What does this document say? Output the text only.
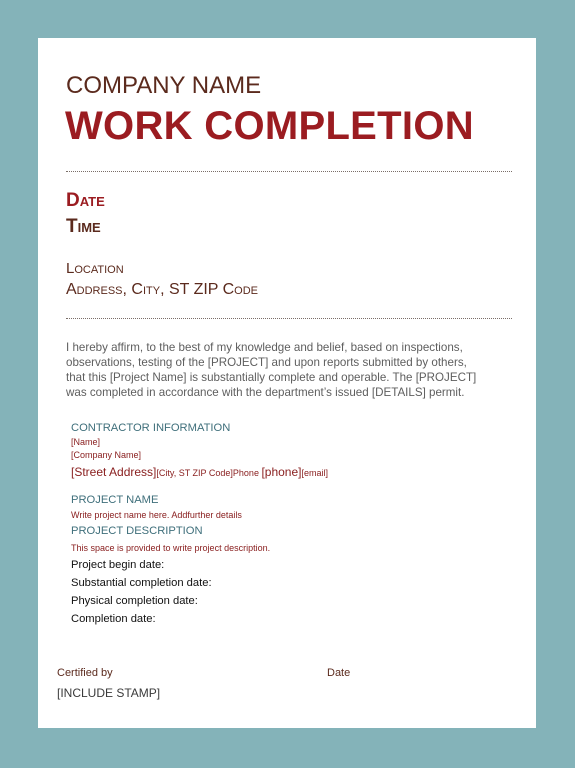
COMPANY NAME
WORK COMPLETION
Date
Time
Location
Address, City, ST ZIP Code
I hereby affirm, to the best of my knowledge and belief, based on inspections,
observations, testing of the [PROJECT] and upon reports submitted by others,
that this [Project Name] is substantially complete and operable. The [PROJECT]
was completed in accordance with the department’s issued [DETAILS] permit.
CONTRACTOR INFORMATION
[Name]
[Company Name]
[Street Address][City, ST ZIP Code]Phone [phone][email]
PROJECT NAME
Write project name here. Addfurther details
PROJECT DESCRIPTION
This space is provided to write project description.
Project begin date:
Substantial completion date:
Physical completion date:
Completion date:
Certified by	Date
[INCLUDE STAMP]
